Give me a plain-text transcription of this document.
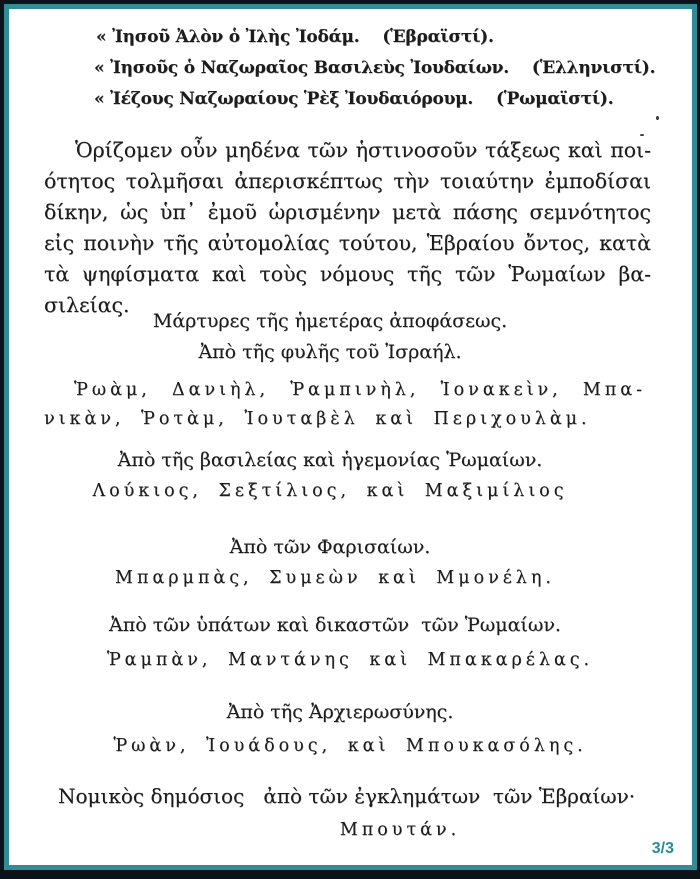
« Ἰησοῦ Ἀλὸν ὁ Ἰλὴς Ἰοδάμ.    (Ἑβραϊστί).
« Ἰησοῦς ὁ Ναζωραῖος Βασιλεὺς Ἰουδαίων.    (Ἑλληνιστί).
« Ἰέζους Ναζωραίους Ῥὲξ Ἰουδαιόρουμ.    (Ῥωμαϊστί).
Ὁρίζομεν οὖν μηδένα τῶν ἡστινοσοῦν τάξεως καὶ ποι-
ότητος τολμῆσαι ἀπερισκέπτως τὴν τοιαύτην ἐμποδίσαι
δίκην, ὡς ὑπ᾽ ἐμοῦ ὡρισμένην μετὰ πάσης σεμνότητος
εἰς ποινὴν τῆς αὐτομολίας τούτου, Ἑβραίου ὄντος, κατὰ
τὰ ψηφίσματα καὶ τοὺς νόμους τῆς τῶν Ῥωμαίων βα-
σιλείας.
Μάρτυρες τῆς ἡμετέρας ἀποφάσεως.
Ἀπὸ τῆς φυλῆς τοῦ Ἰσραήλ.
Ῥωὰμ, Δανιὴλ, Ῥαμπινὴλ, Ἰονακεὶν, Μπα-
νικὰν, Ῥοτὰμ, Ἰουταβὲλ καὶ Περιχουλὰμ.
Ἀπὸ τῆς βασιλείας καὶ ἡγεμονίας Ῥωμαίων.
Λούκιος, Σεξτίλιος, καὶ Μαξιμίλιος
Ἀπὸ τῶν Φαρισαίων.
Μπαρμπὰς, Συμεὼν καὶ Μμονέλη.
Ἀπὸ τῶν ὑπάτων καὶ δικαστῶν  τῶν Ῥωμαίων.
Ῥαμπὰν, Μαντάνης καὶ Μπακαρέλας.
Ἀπὸ τῆς Ἀρχιερωσύνης.
Ῥωὰν, Ἰουάδους, καὶ Μπουκασόλης.
Νομικὸς δημόσιος   ἀπὸ τῶν ἐγκλημάτων  τῶν Ἑβραίων·
Μπουτάν.
3/3
